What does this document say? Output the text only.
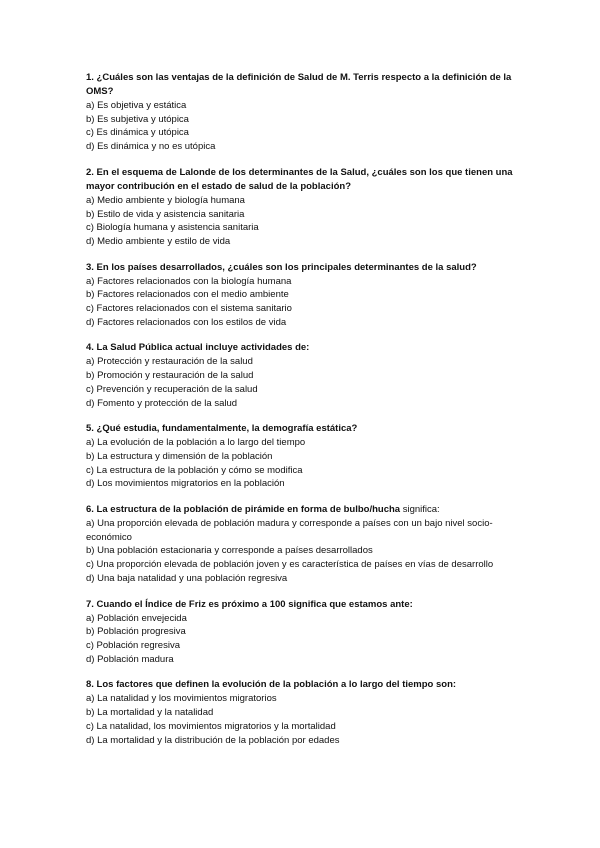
1. ¿Cuáles son las ventajas de la definición de Salud de M. Terris respecto a la definición de la OMS?

a) Es objetiva y estática
b) Es subjetiva y utópica
c) Es dinámica y utópica
d) Es dinámica y no es utópica

2. En el esquema de Lalonde de los determinantes de la Salud, ¿cuáles son los que tienen una mayor contribución en el estado de salud de la población?

a) Medio ambiente y biología humana
b) Estilo de vida y asistencia sanitaria
c) Biología humana y asistencia sanitaria
d) Medio ambiente y estilo de vida

3. En los países desarrollados, ¿cuáles son los principales determinantes de la salud?

a) Factores relacionados con la biología humana
b) Factores relacionados con el medio ambiente
c) Factores relacionados con el sistema sanitario
d) Factores relacionados con los estilos de vida

4. La Salud Pública actual incluye actividades de:

a) Protección y restauración de la salud
b) Promoción y restauración de la salud
c) Prevención y recuperación de la salud
d) Fomento y protección de la salud

5. ¿Qué estudia, fundamentalmente, la demografía estática?

a) La evolución de la población a lo largo del tiempo
b) La estructura y dimensión de la población
c) La estructura de la población y cómo se modifica
d) Los movimientos migratorios en la población

6. La estructura de la población de pirámide en forma de bulbo/hucha significa:

a) Una proporción elevada de población madura y corresponde a países con un bajo nivel socio-económico
b) Una población estacionaria y corresponde a países desarrollados
c) Una proporción elevada de población joven y es característica de países en vías de desarrollo
d) Una baja natalidad y una población regresiva

7. Cuando el Índice de Friz es próximo a 100 significa que estamos ante:

a) Población envejecida
b) Población progresiva
c) Población regresiva
d) Población madura

8. Los factores que definen la evolución de la población a lo largo del tiempo son:

a) La natalidad y los movimientos migratorios
b) La mortalidad y la natalidad
c) La natalidad, los movimientos migratorios y la mortalidad
d) La mortalidad y la distribución de la población por edades
